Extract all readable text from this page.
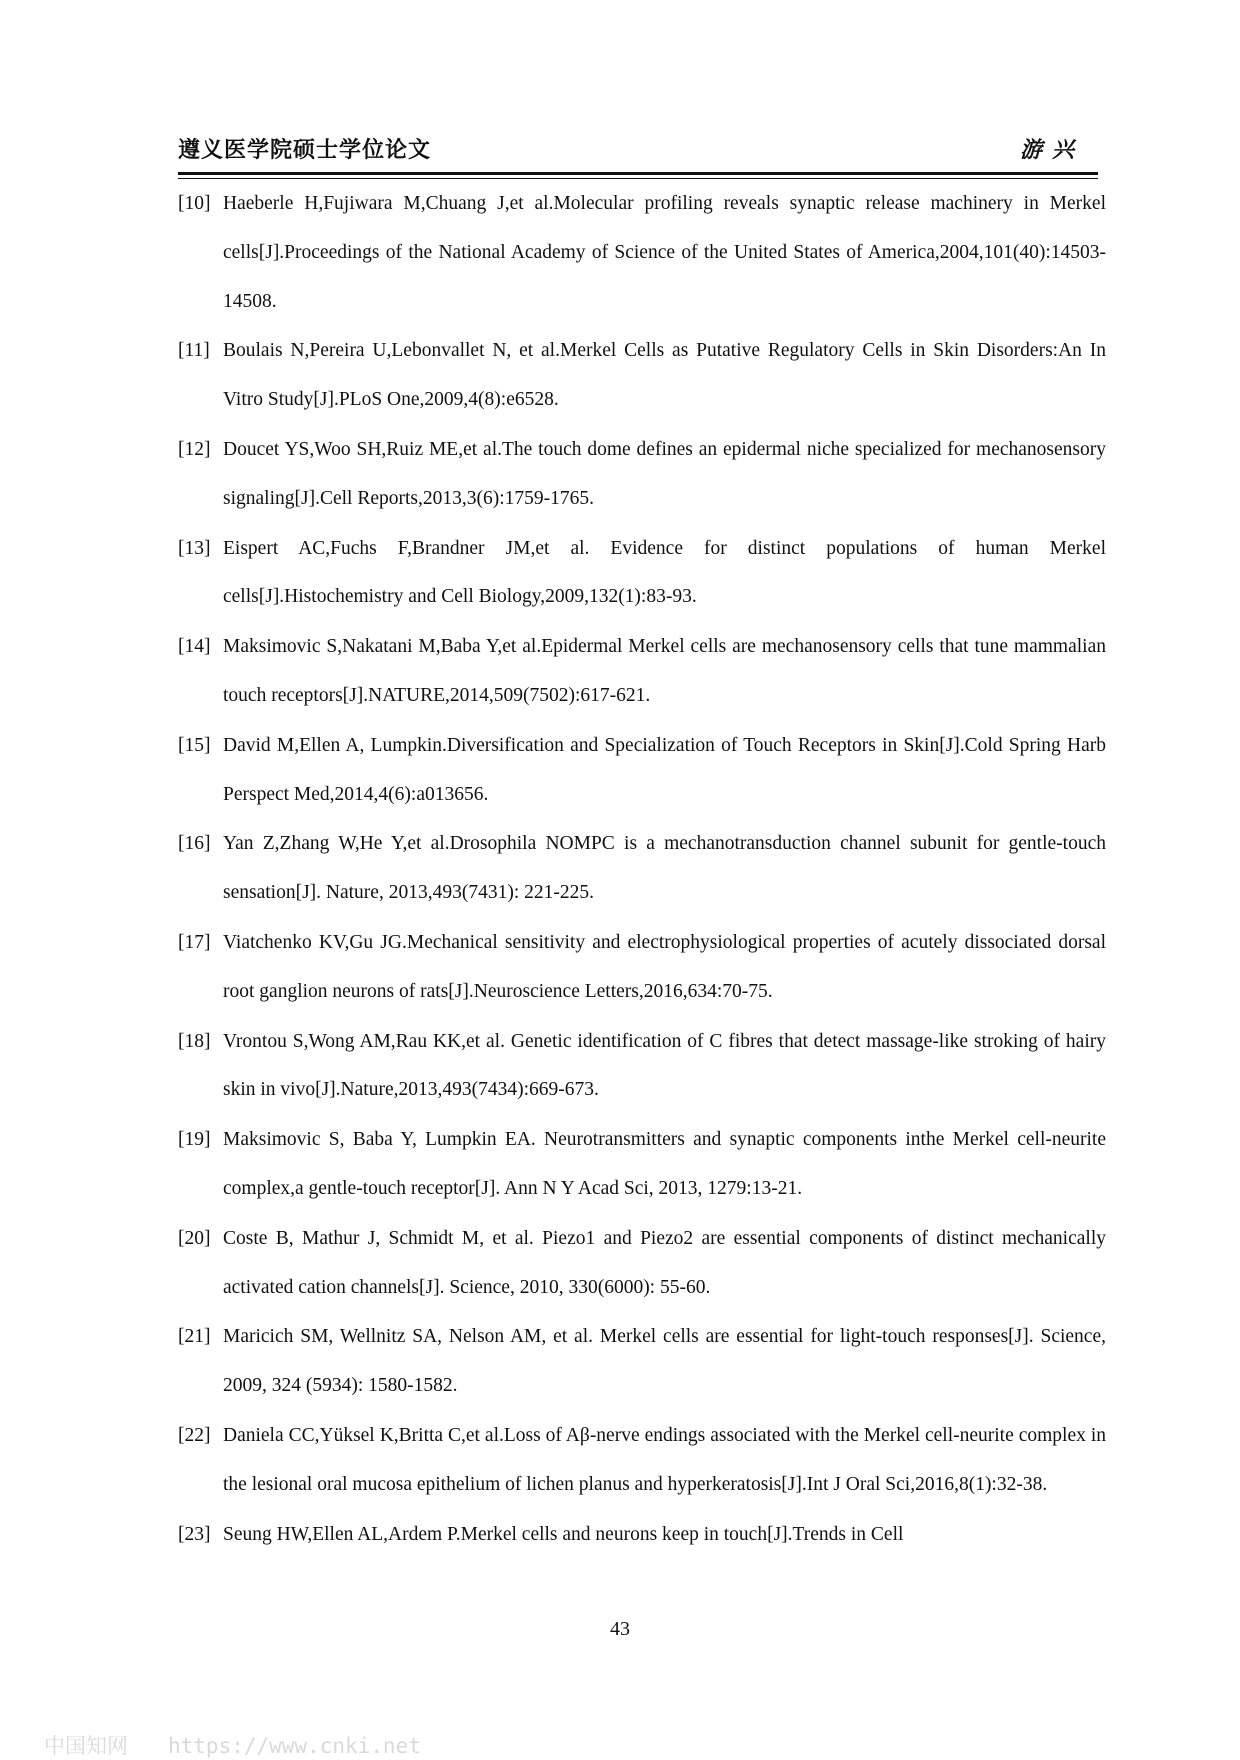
遵义医学院硕士学位论文	游兴
[10] Haeberle H,Fujiwara M,Chuang J,et al.Molecular profiling reveals synaptic release machinery in Merkel cells[J].Proceedings of the National Academy of Science of the United States of America,2004,101(40):14503-14508.
[11] Boulais N,Pereira U,Lebonvallet N, et al.Merkel Cells as Putative Regulatory Cells in Skin Disorders:An In Vitro Study[J].PLoS One,2009,4(8):e6528.
[12] Doucet YS,Woo SH,Ruiz ME,et al.The touch dome defines an epidermal niche specialized for mechanosensory signaling[J].Cell Reports,2013,3(6):1759-1765.
[13] Eispert AC,Fuchs F,Brandner JM,et al. Evidence for distinct populations of human Merkel cells[J].Histochemistry and Cell Biology,2009,132(1):83-93.
[14] Maksimovic S,Nakatani M,Baba Y,et al.Epidermal Merkel cells are mechanosensory cells that tune mammalian touch receptors[J].NATURE,2014,509(7502):617-621.
[15] David M,Ellen A, Lumpkin.Diversification and Specialization of Touch Receptors in Skin[J].Cold Spring Harb Perspect Med,2014,4(6):a013656.
[16] Yan Z,Zhang W,He Y,et al.Drosophila NOMPC is a mechanotransduction channel subunit for gentle-touch sensation[J]. Nature, 2013,493(7431): 221-225.
[17] Viatchenko KV,Gu JG.Mechanical sensitivity and electrophysiological properties of acutely dissociated dorsal root ganglion neurons of rats[J].Neuroscience Letters,2016,634:70-75.
[18] Vrontou S,Wong AM,Rau KK,et al. Genetic identification of C fibres that detect massage-like stroking of hairy skin in vivo[J].Nature,2013,493(7434):669-673.
[19] Maksimovic S, Baba Y, Lumpkin EA. Neurotransmitters and synaptic components inthe Merkel cell-neurite complex,a gentle-touch receptor[J]. Ann N Y Acad Sci, 2013, 1279:13-21.
[20] Coste B, Mathur J, Schmidt M, et al. Piezo1 and Piezo2 are essential components of distinct mechanically activated cation channels[J]. Science, 2010, 330(6000): 55-60.
[21] Maricich SM, Wellnitz SA, Nelson AM, et al. Merkel cells are essential for light-touch responses[J]. Science, 2009, 324 (5934): 1580-1582.
[22] Daniela CC,Yüksel K,Britta C,et al.Loss of Aβ-nerve endings associated with the Merkel cell-neurite complex in the lesional oral mucosa epithelium of lichen planus and hyperkeratosis[J].Int J Oral Sci,2016,8(1):32-38.
[23] Seung HW,Ellen AL,Ardem P.Merkel cells and neurons keep in touch[J].Trends in Cell
43
中国知网 https://www.cnki.net
